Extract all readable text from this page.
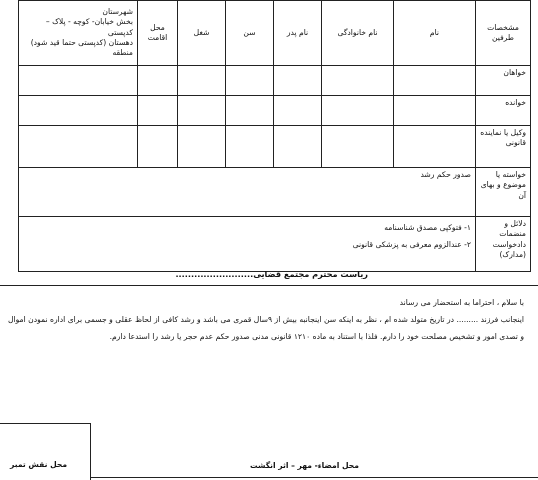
مشخصات طرفین	نام	نام خانوادگی	نام پدر	سن	شغل	محل اقامت	شهرستان
بخش خیابان- کوچه - پلاک – کدپستی
دهستان (کدپستی حتما قید شود)
منطقه

خواهان							
خوانده							
وکیل یا نماینده قانونی							
خواسته یا موضوع و بهای آن	صدور حکم رشد						
دلائل و منضمات دادخواست (مدارک)	۱- فتوکپی مصدق شناسنامه
۲- عندالزوم معرفی به پزشکی قانونی						
ریاست محترم مجتمع قضایی.........................
با سلام ، احتراما به استحضار می رساند
اینجانب فرزند ......... در تاریخ متولد شده ام ، نظر به اینکه سن اینجانبه بیش از ۹سال قمری می باشد و رشد کافی از لحاظ عقلی و جسمی برای اداره نمودن اموال و تصدی امور و تشخیص مصلحت خود را دارم. فلذا با استناد به ماده ۱۲۱۰ قانونی مدنی صدور حکم عدم حجر یا رشد را استدعا دارم.
محل نقش تمبر	محل امضاء- مهر – اثر انگشت
